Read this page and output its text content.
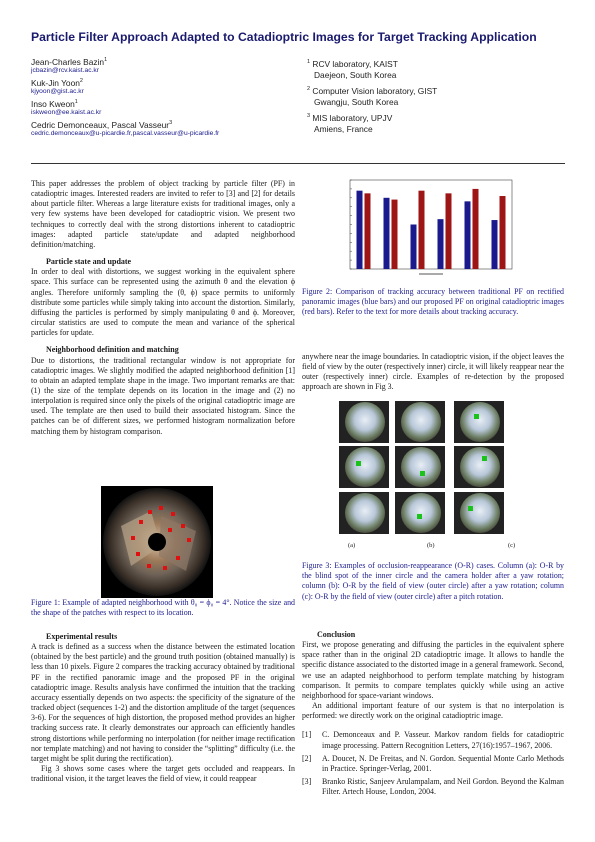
Particle Filter Approach Adapted to Catadioptric Images for Target Tracking Application
Jean-Charles Bazin$^1$
jcbazin@rcv.kaist.ac.kr
Kuk-Jin Yoon$^2$
kjyoon@gist.ac.kr
Inso Kweon$^1$
iskweon@ee.kaist.ac.kr
Cedric Demonceaux, Pascal Vasseur$^3$
cedric.demonceaux@u-picardie.fr,pascal.vasseur@u-picardie.fr
$^1$ RCV laboratory, KAIST
Daejeon, South Korea
$^2$ Computer Vision laboratory, GIST
Gwangju, South Korea
$^3$ MIS laboratory, UPJV
Amiens, France

This paper addresses the problem of object tracking by particle filter (PF) in catadioptric images. Interested readers are invited to refer to [3] and [2] for details about particle filter. Whereas a large literature exists for traditional images, only a very few systems have been developed for catadioptric vision. We present two techniques to correctly deal with the strong distortions inherent to catadioptric images: adapted particle state/update and adapted neighborhood definition/matching.

Particle state and update

In order to deal with distortions, we suggest working in the equivalent sphere space. This surface can be represented using the azimuth θ and the elevation ϕ angles. Therefore uniformly sampling the (θ, ϕ) space permits to uniformly distribute some particles while simply taking into account the distortion. Similarly, diffusing the particles is performed by simply manipulating θ and ϕ. Moreover, circular statistics are used to compute the mean and variance of the spherical particles for update.

Neighborhood definition and matching

Due to distortions, the traditional rectangular window is not appropriate for catadioptric images. We slightly modified the adapted neighborhood definition [1] to obtain an adapted template shape in the image. Two important remarks are that: (1) the size of the template depends on its location in the image and (2) no interpolation is required since only the pixels of the original catadioptric image are used. The template are then used to build their associated histogram. Since the patches can be of different sizes, we performed histogram normalization before matching them by histogram comparison.

Figure 1: Example of adapted neighborhood with θ₀ = ϕ₀ = 4°. Notice the size and the shape of the patches with respect to its location.

Experimental results

A track is defined as a success when the distance between the estimated location (obtained by the best particle) and the ground truth position (obtained manually) is less than 10 pixels. Figure 2 compares the tracking accuracy obtained by traditional PF in the rectified panoramic image and the proposed PF in the original catadioptric image. Results analysis have confirmed the intuition that the tracking accuracy essentially depends on two aspects: the specificity of the signature of the tracked object (sequences 1-2) and the distortion amplitude of the target (sequences 3-6). For the sequences of high distortion, the proposed method provides an higher tracking success rate. It clearly demonstrates our approach can efficiently handles strong distortions while performing no interpolation (for neither image rectification nor template matching) and not having to consider the “splitting” difficulty (i.e. the target might be split during the rectification).

Fig 3 shows some cases where the target gets occluded and reappears. In traditional vision, it the target leaves the field of view, it could reappear

Figure 2: Comparison of tracking accuracy between traditional PF on rectified panoramic images (blue bars) and our proposed PF on original catadioptric images (red bars). Refer to the text for more details about tracking accuracy.

anywhere near the image boundaries. In catadioptric vision, if the object leaves the field of view by the outer (respectively inner) circle, it will likely reappear near the outer (respectively inner) circle. Examples of re-detection by the proposed approach are shown in Fig 3.

(a)	(b)	(c)
Figure 3: Examples of occlusion-reappearance (O-R) cases. Column (a): O-R by the blind spot of the inner circle and the camera holder after a yaw rotation; column (b): O-R by the field of view (outer circle) after a yaw rotation; column (c): O-R by the field of view (outer circle) after a pitch rotation.

Conclusion

First, we propose generating and diffusing the particles in the equivalent sphere space rather than in the original 2D catadioptric image. It allows to handle the specific distance associated to the distorted image in a general framework. Second, we use an adapted neighborhood to perform template matching by histogram comparison. It permits to compare templates quickly while using an active neighborhood for space-variant windows.

An additional important feature of our system is that no interpolation is performed: we directly work on the original catadioptric image.

[1] C. Demonceaux and P. Vasseur. Markov random fields for catadioptric image processing. Pattern Recognition Letters, 27(16):1957–1967, 2006.
[2] A. Doucet, N. De Freitas, and N. Gordon. Sequential Monte Carlo Methods in Practice. Springer-Verlag, 2001.
[3] Branko Ristic, Sanjeev Arulampalam, and Neil Gordon. Beyond the Kalman Filter. Artech House, London, 2004.
